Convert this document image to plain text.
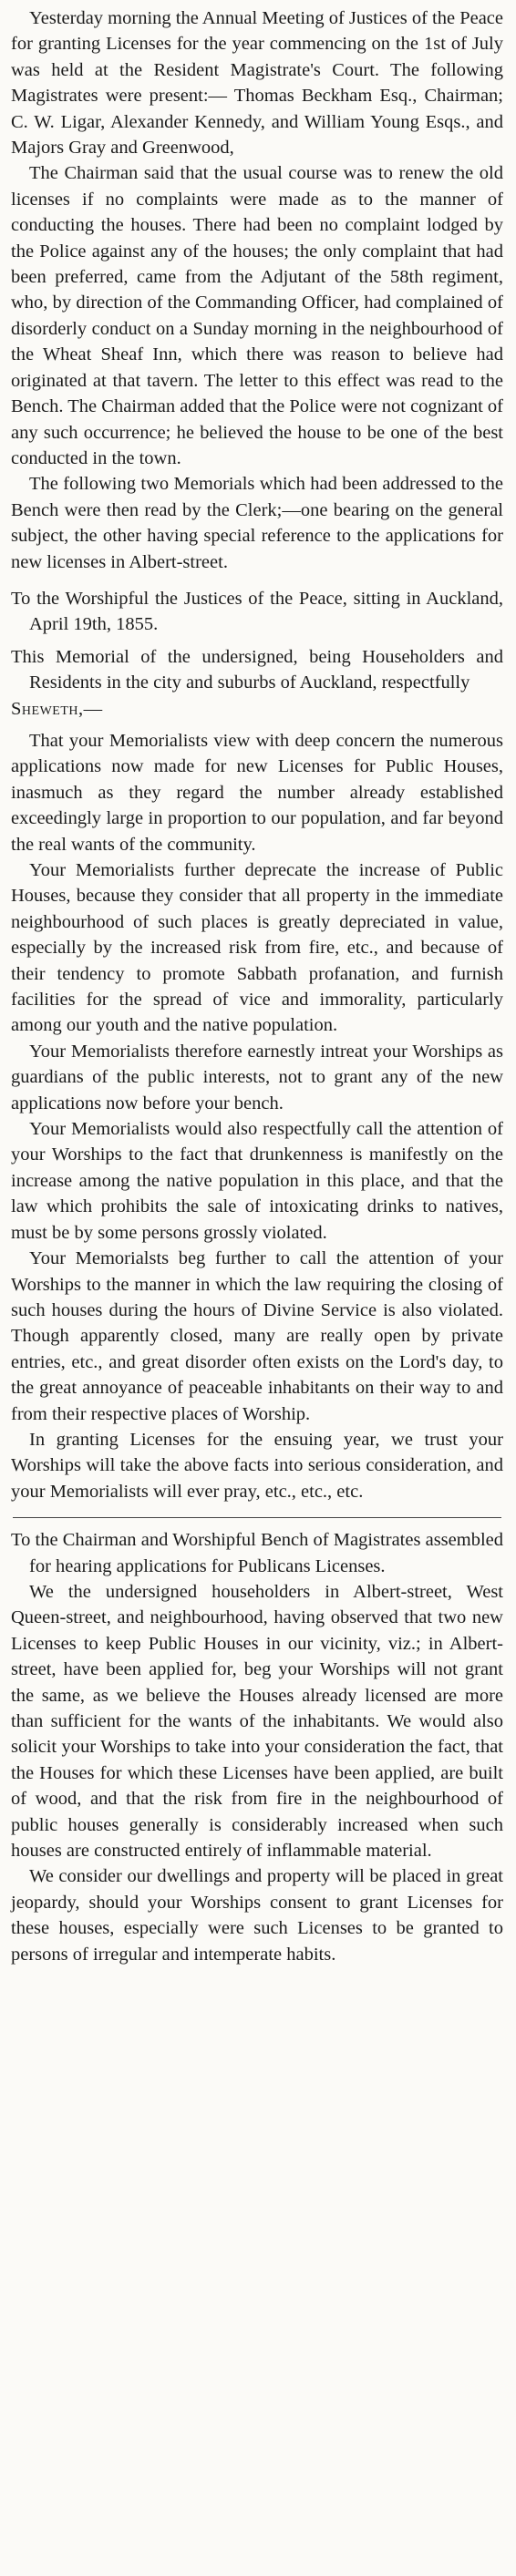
Yesterday morning the Annual Meeting of Justices of the Peace for granting Licenses for the year commencing on the 1st of July was held at the Resident Magistrate's Court. The following Magistrates were present:— Thomas Beckham Esq., Chairman; C. W. Ligar, Alexander Kennedy, and William Young Esqs., and Majors Gray and Greenwood,

The Chairman said that the usual course was to renew the old licenses if no complaints were made as to the manner of conducting the houses. There had been no complaint lodged by the Police against any of the houses; the only complaint that had been preferred, came from the Adjutant of the 58th regiment, who, by direction of the Commanding Officer, had complained of disorderly conduct on a Sunday morning in the neighbourhood of the Wheat Sheaf Inn, which there was reason to believe had originated at that tavern. The letter to this effect was read to the Bench. The Chairman added that the Police were not cognizant of any such occurrence; he believed the house to be one of the best conducted in the town.

The following two Memorials which had been addressed to the Bench were then read by the Clerk;—one bearing on the general subject, the other having special reference to the applications for new licenses in Albert-street.

To the Worshipful the Justices of the Peace, sitting in Auckland, April 19th, 1855.

This Memorial of the undersigned, being Householders and Residents in the city and suburbs of Auckland, respectfully

Sheweth,—

That your Memorialists view with deep concern the numerous applications now made for new Licenses for Public Houses, inasmuch as they regard the number already established exceedingly large in proportion to our population, and far beyond the real wants of the community.

Your Memorialists further deprecate the increase of Public Houses, because they consider that all property in the immediate neighbourhood of such places is greatly depreciated in value, especially by the increased risk from fire, etc., and because of their tendency to promote Sabbath profanation, and furnish facilities for the spread of vice and immorality, particularly among our youth and the native population.

Your Memorialists therefore earnestly intreat your Worships as guardians of the public interests, not to grant any of the new applications now before your bench.

Your Memorialists would also respectfully call the attention of your Worships to the fact that drunkenness is manifestly on the increase among the native population in this place, and that the law which prohibits the sale of intoxicating drinks to natives, must be by some persons grossly violated.

Your Memorialsts beg further to call the attention of your Worships to the manner in which the law requiring the closing of such houses during the hours of Divine Service is also violated. Though apparently closed, many are really open by private entries, etc., and great disorder often exists on the Lord's day, to the great annoyance of peaceable inhabitants on their way to and from their respective places of Worship.

In granting Licenses for the ensuing year, we trust your Worships will take the above facts into serious consideration, and your Memorialists will ever pray, etc., etc., etc.

To the Chairman and Worshipful Bench of Magistrates assembled for hearing applications for Publicans Licenses.

We the undersigned householders in Albert-street, West Queen-street, and neighbourhood, having observed that two new Licenses to keep Public Houses in our vicinity, viz.; in Albert-street, have been applied for, beg your Worships will not grant the same, as we believe the Houses already licensed are more than sufficient for the wants of the inhabitants. We would also solicit your Worships to take into your consideration the fact, that the Houses for which these Licenses have been applied, are built of wood, and that the risk from fire in the neighbourhood of public houses generally is considerably increased when such houses are constructed entirely of inflammable material.

We consider our dwellings and property will be placed in great jeopardy, should your Worships consent to grant Licenses for these houses, especially were such Licenses to be granted to persons of irregular and intemperate habits.
